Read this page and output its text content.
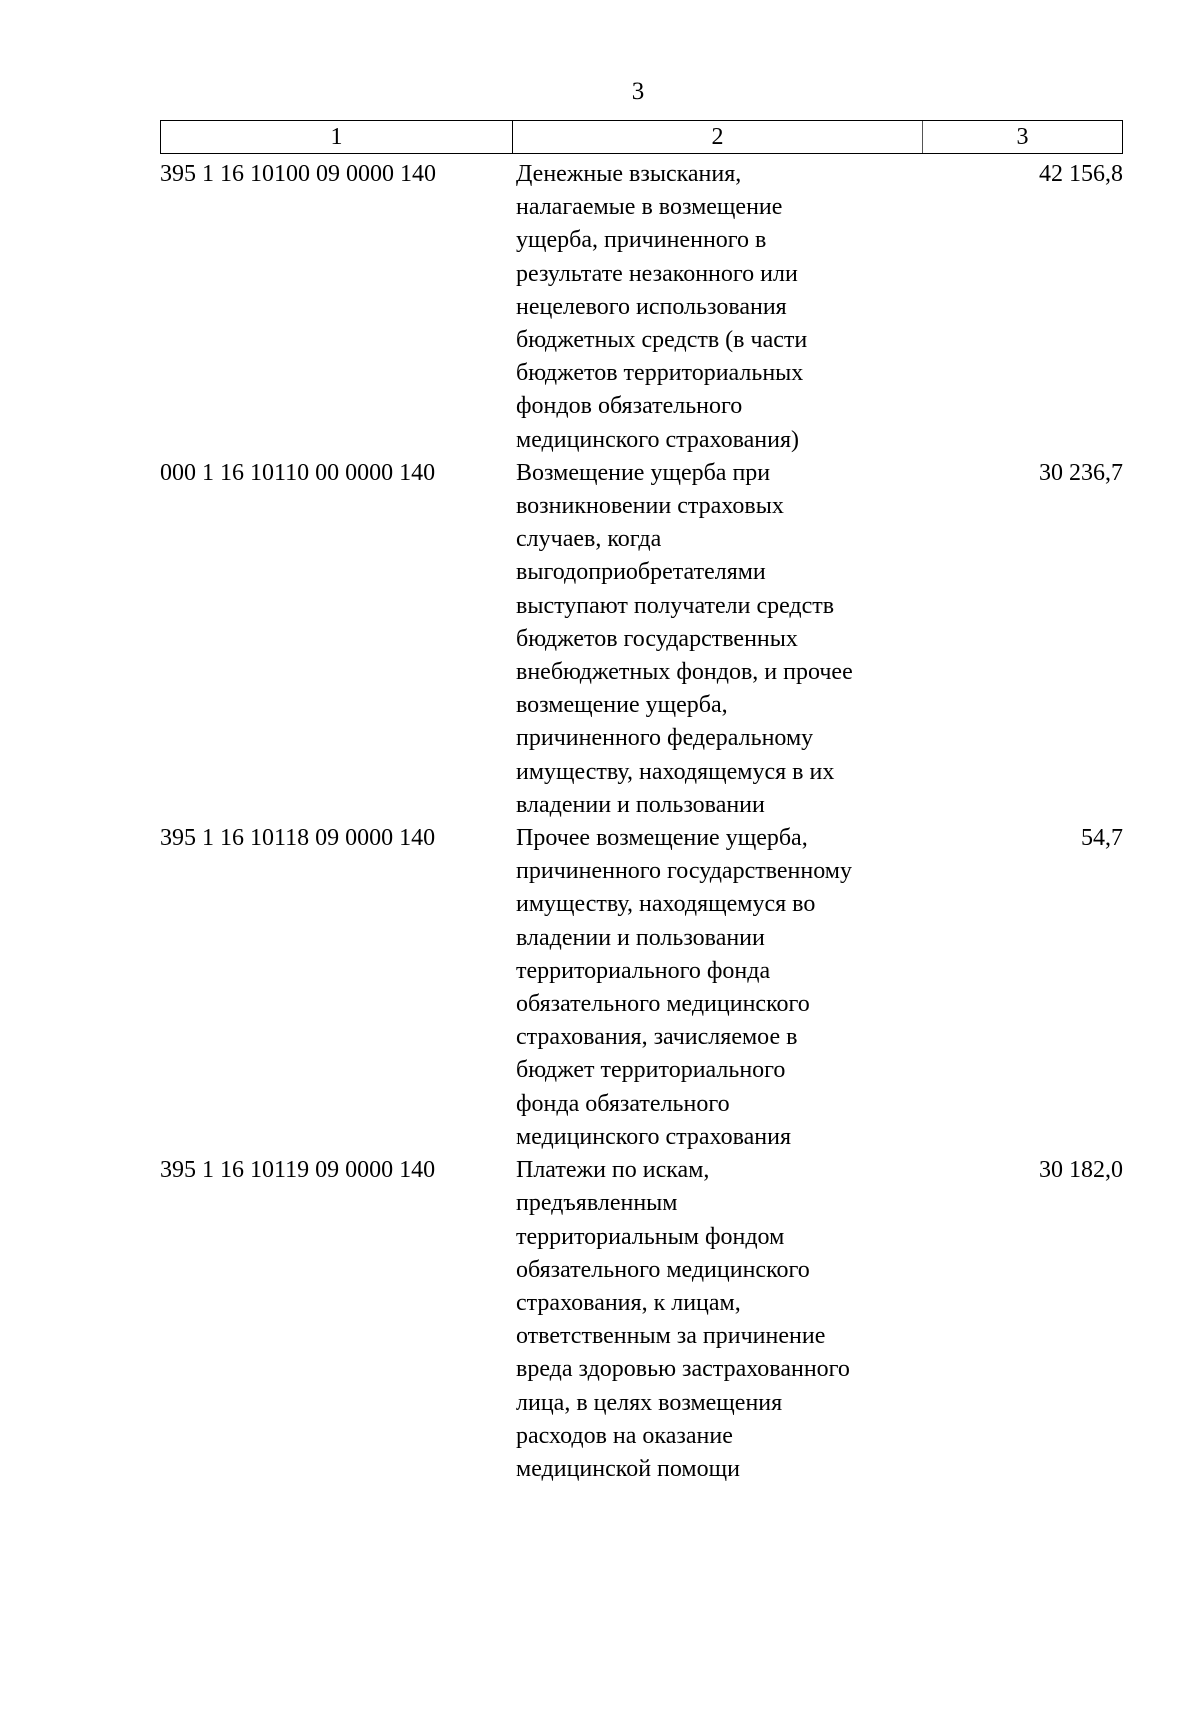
3
1	2	3
395 1 16 10100 09 0000 140	Денежные взыскания,
налагаемые в возмещение
ущерба, причиненного в
результате незаконного или
нецелевого использования
бюджетных средств (в части
бюджетов территориальных
фондов обязательного
медицинского страхования)
42 156,8
000 1 16 10110 00 0000 140	Возмещение ущерба при
возникновении страховых
случаев, когда
выгодоприобретателями
выступают получатели средств
бюджетов государственных
внебюджетных фондов, и прочее
возмещение ущерба,
причиненного федеральному
имуществу, находящемуся в их
владении и пользовании
30 236,7
395 1 16 10118 09 0000 140	Прочее возмещение ущерба,
причиненного государственному
имуществу, находящемуся во
владении и пользовании
территориального фонда
обязательного медицинского
страхования, зачисляемое в
бюджет территориального
фонда обязательного
медицинского страхования
54,7
395 1 16 10119 09 0000 140	Платежи по искам,
предъявленным
территориальным фондом
обязательного медицинского
страхования, к лицам,
ответственным за причинение
вреда здоровью застрахованного
лица, в целях возмещения
расходов на оказание
медицинской помощи
30 182,0
